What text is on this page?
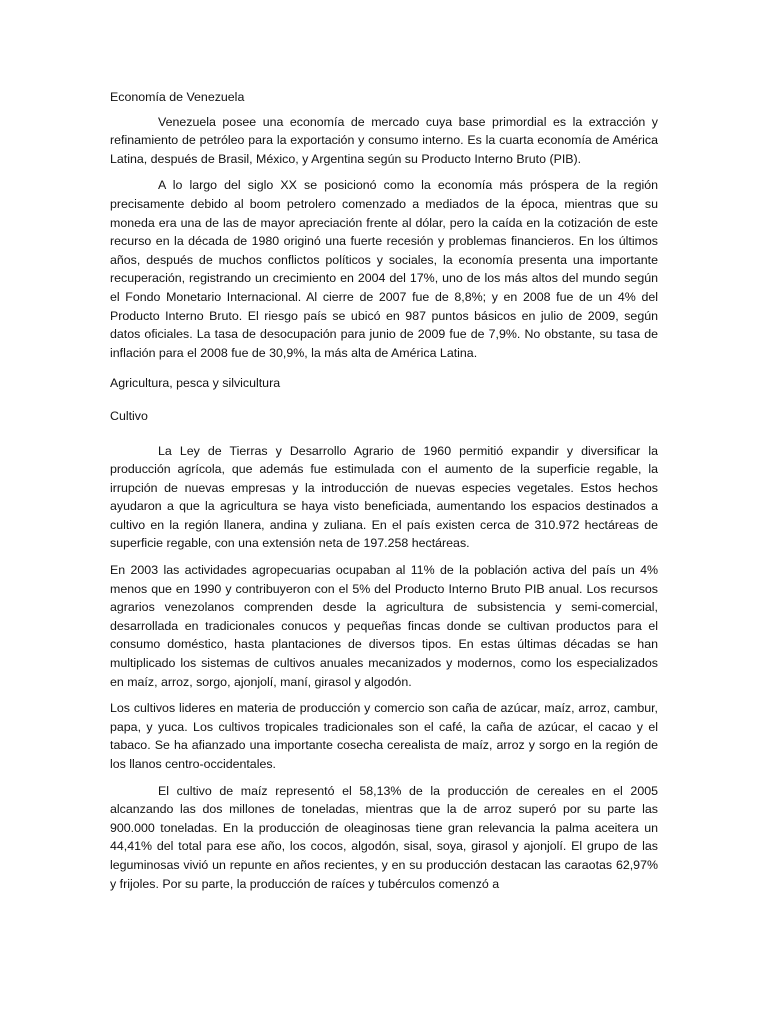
Economía de Venezuela

Venezuela posee una economía de mercado cuya base primordial es la extracción y refinamiento de petróleo para la exportación y consumo interno. Es la cuarta economía de América Latina, después de Brasil, México, y Argentina según su Producto Interno Bruto (PIB).

A lo largo del siglo XX se posicionó como la economía más próspera de la región precisamente debido al boom petrolero comenzado a mediados de la época, mientras que su moneda era una de las de mayor apreciación frente al dólar, pero la caída en la cotización de este recurso en la década de 1980 originó una fuerte recesión y problemas financieros. En los últimos años, después de muchos conflictos políticos y sociales, la economía presenta una importante recuperación, registrando un crecimiento en 2004 del 17%, uno de los más altos del mundo según el Fondo Monetario Internacional. Al cierre de 2007 fue de 8,8%; y en 2008 fue de un 4% del Producto Interno Bruto. El riesgo país se ubicó en 987 puntos básicos en julio de 2009, según datos oficiales. La tasa de desocupación para junio de 2009 fue de 7,9%. No obstante, su tasa de inflación para el 2008 fue de 30,9%, la más alta de América Latina.

Agricultura, pesca y silvicultura
Cultivo

La Ley de Tierras y Desarrollo Agrario de 1960 permitió expandir y diversificar la producción agrícola, que además fue estimulada con el aumento de la superficie regable, la irrupción de nuevas empresas y la introducción de nuevas especies vegetales. Estos hechos ayudaron a que la agricultura se haya visto beneficiada, aumentando los espacios destinados a cultivo en la región llanera, andina y zuliana. En el país existen cerca de 310.972 hectáreas de superficie regable, con una extensión neta de 197.258 hectáreas.

En 2003 las actividades agropecuarias ocupaban al 11% de la población activa del país un 4% menos que en 1990 y contribuyeron con el 5% del Producto Interno Bruto PIB anual. Los recursos agrarios venezolanos comprenden desde la agricultura de subsistencia y semi-comercial, desarrollada en tradicionales conucos y pequeñas fincas donde se cultivan productos para el consumo doméstico, hasta plantaciones de diversos tipos. En estas últimas décadas se han multiplicado los sistemas de cultivos anuales mecanizados y modernos, como los especializados en maíz, arroz, sorgo, ajonjolí, maní, girasol y algodón.

Los cultivos lideres en materia de producción y comercio son caña de azúcar, maíz, arroz, cambur, papa, y yuca. Los cultivos tropicales tradicionales son el café, la caña de azúcar, el cacao y el tabaco. Se ha afianzado una importante cosecha cerealista de maíz, arroz y sorgo en la región de los llanos centro-occidentales.

El cultivo de maíz representó el 58,13% de la producción de cereales en el 2005 alcanzando las dos millones de toneladas, mientras que la de arroz superó por su parte las 900.000 toneladas. En la producción de oleaginosas tiene gran relevancia la palma aceitera un 44,41% del total para ese año, los cocos, algodón, sisal, soya, girasol y ajonjolí. El grupo de las leguminosas vivió un repunte en años recientes, y en su producción destacan las caraotas 62,97% y frijoles. Por su parte, la producción de raíces y tubérculos comenzó a
